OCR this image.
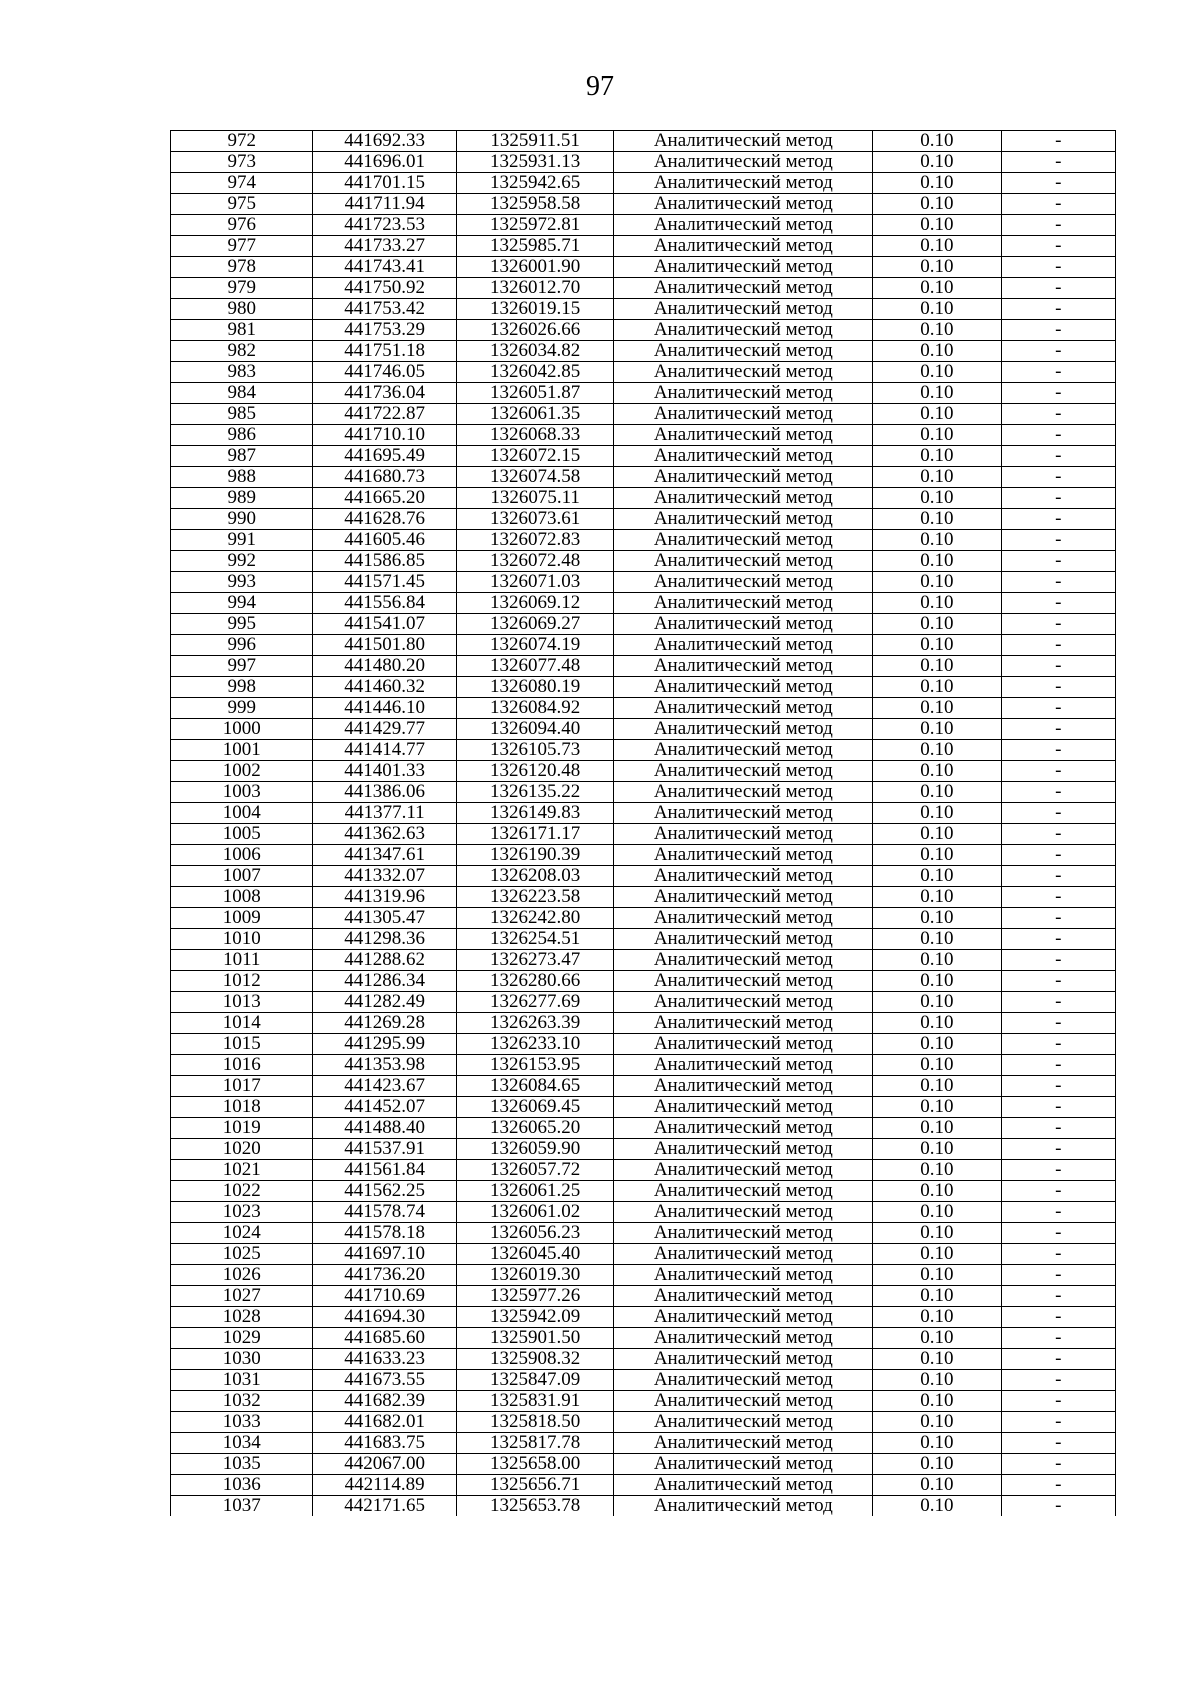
97
972	441692.33	1325911.51	Аналитический метод	0.10	-
973	441696.01	1325931.13	Аналитический метод	0.10	-
974	441701.15	1325942.65	Аналитический метод	0.10	-
975	441711.94	1325958.58	Аналитический метод	0.10	-
976	441723.53	1325972.81	Аналитический метод	0.10	-
977	441733.27	1325985.71	Аналитический метод	0.10	-
978	441743.41	1326001.90	Аналитический метод	0.10	-
979	441750.92	1326012.70	Аналитический метод	0.10	-
980	441753.42	1326019.15	Аналитический метод	0.10	-
981	441753.29	1326026.66	Аналитический метод	0.10	-
982	441751.18	1326034.82	Аналитический метод	0.10	-
983	441746.05	1326042.85	Аналитический метод	0.10	-
984	441736.04	1326051.87	Аналитический метод	0.10	-
985	441722.87	1326061.35	Аналитический метод	0.10	-
986	441710.10	1326068.33	Аналитический метод	0.10	-
987	441695.49	1326072.15	Аналитический метод	0.10	-
988	441680.73	1326074.58	Аналитический метод	0.10	-
989	441665.20	1326075.11	Аналитический метод	0.10	-
990	441628.76	1326073.61	Аналитический метод	0.10	-
991	441605.46	1326072.83	Аналитический метод	0.10	-
992	441586.85	1326072.48	Аналитический метод	0.10	-
993	441571.45	1326071.03	Аналитический метод	0.10	-
994	441556.84	1326069.12	Аналитический метод	0.10	-
995	441541.07	1326069.27	Аналитический метод	0.10	-
996	441501.80	1326074.19	Аналитический метод	0.10	-
997	441480.20	1326077.48	Аналитический метод	0.10	-
998	441460.32	1326080.19	Аналитический метод	0.10	-
999	441446.10	1326084.92	Аналитический метод	0.10	-
1000	441429.77	1326094.40	Аналитический метод	0.10	-
1001	441414.77	1326105.73	Аналитический метод	0.10	-
1002	441401.33	1326120.48	Аналитический метод	0.10	-
1003	441386.06	1326135.22	Аналитический метод	0.10	-
1004	441377.11	1326149.83	Аналитический метод	0.10	-
1005	441362.63	1326171.17	Аналитический метод	0.10	-
1006	441347.61	1326190.39	Аналитический метод	0.10	-
1007	441332.07	1326208.03	Аналитический метод	0.10	-
1008	441319.96	1326223.58	Аналитический метод	0.10	-
1009	441305.47	1326242.80	Аналитический метод	0.10	-
1010	441298.36	1326254.51	Аналитический метод	0.10	-
1011	441288.62	1326273.47	Аналитический метод	0.10	-
1012	441286.34	1326280.66	Аналитический метод	0.10	-
1013	441282.49	1326277.69	Аналитический метод	0.10	-
1014	441269.28	1326263.39	Аналитический метод	0.10	-
1015	441295.99	1326233.10	Аналитический метод	0.10	-
1016	441353.98	1326153.95	Аналитический метод	0.10	-
1017	441423.67	1326084.65	Аналитический метод	0.10	-
1018	441452.07	1326069.45	Аналитический метод	0.10	-
1019	441488.40	1326065.20	Аналитический метод	0.10	-
1020	441537.91	1326059.90	Аналитический метод	0.10	-
1021	441561.84	1326057.72	Аналитический метод	0.10	-
1022	441562.25	1326061.25	Аналитический метод	0.10	-
1023	441578.74	1326061.02	Аналитический метод	0.10	-
1024	441578.18	1326056.23	Аналитический метод	0.10	-
1025	441697.10	1326045.40	Аналитический метод	0.10	-
1026	441736.20	1326019.30	Аналитический метод	0.10	-
1027	441710.69	1325977.26	Аналитический метод	0.10	-
1028	441694.30	1325942.09	Аналитический метод	0.10	-
1029	441685.60	1325901.50	Аналитический метод	0.10	-
1030	441633.23	1325908.32	Аналитический метод	0.10	-
1031	441673.55	1325847.09	Аналитический метод	0.10	-
1032	441682.39	1325831.91	Аналитический метод	0.10	-
1033	441682.01	1325818.50	Аналитический метод	0.10	-
1034	441683.75	1325817.78	Аналитический метод	0.10	-
1035	442067.00	1325658.00	Аналитический метод	0.10	-
1036	442114.89	1325656.71	Аналитический метод	0.10	-
1037	442171.65	1325653.78	Аналитический метод	0.10	-
